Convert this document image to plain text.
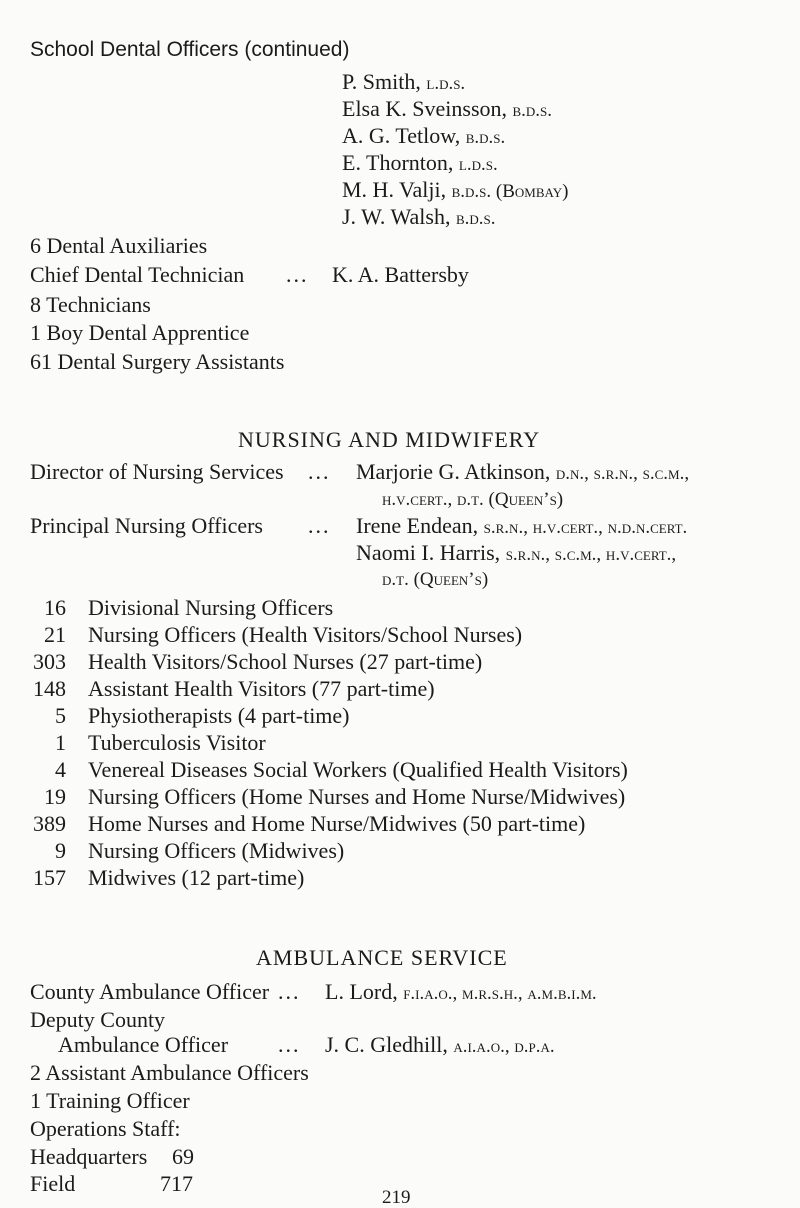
School Dental Officers (continued)
P. Smith, l.d.s.
Elsa K. Sveinsson, b.d.s.
A. G. Tetlow, b.d.s.
E. Thornton, l.d.s.
M. H. Valji, b.d.s. (Bombay)
J. W. Walsh, b.d.s.
6 Dental Auxiliaries
Chief Dental Technician ... K. A. Battersby
8 Technicians
1 Boy Dental Apprentice
61 Dental Surgery Assistants
NURSING AND MIDWIFERY
Director of Nursing Services ... Marjorie G. Atkinson, d.n., s.r.n., s.c.m.,
h.v.cert., d.t. (Queen’s)
Principal Nursing Officers ... Irene Endean, s.r.n., h.v.cert., n.d.n.cert.
Naomi I. Harris, s.r.n., s.c.m., h.v.cert.,
d.t. (Queen’s)
16 Divisional Nursing Officers
21 Nursing Officers (Health Visitors/School Nurses)
303 Health Visitors/School Nurses (27 part-time)
148 Assistant Health Visitors (77 part-time)
5 Physiotherapists (4 part-time)
1 Tuberculosis Visitor
4 Venereal Diseases Social Workers (Qualified Health Visitors)
19 Nursing Officers (Home Nurses and Home Nurse/Midwives)
389 Home Nurses and Home Nurse/Midwives (50 part-time)
9 Nursing Officers (Midwives)
157 Midwives (12 part-time)
AMBULANCE SERVICE
County Ambulance Officer ... L. Lord, f.i.a.o., m.r.s.h., a.m.b.i.m.
Deputy County
Ambulance Officer ... J. C. Gledhill, a.i.a.o., d.p.a.
2 Assistant Ambulance Officers
1 Training Officer
Operations Staff:
Headquarters 69
Field	717
219
